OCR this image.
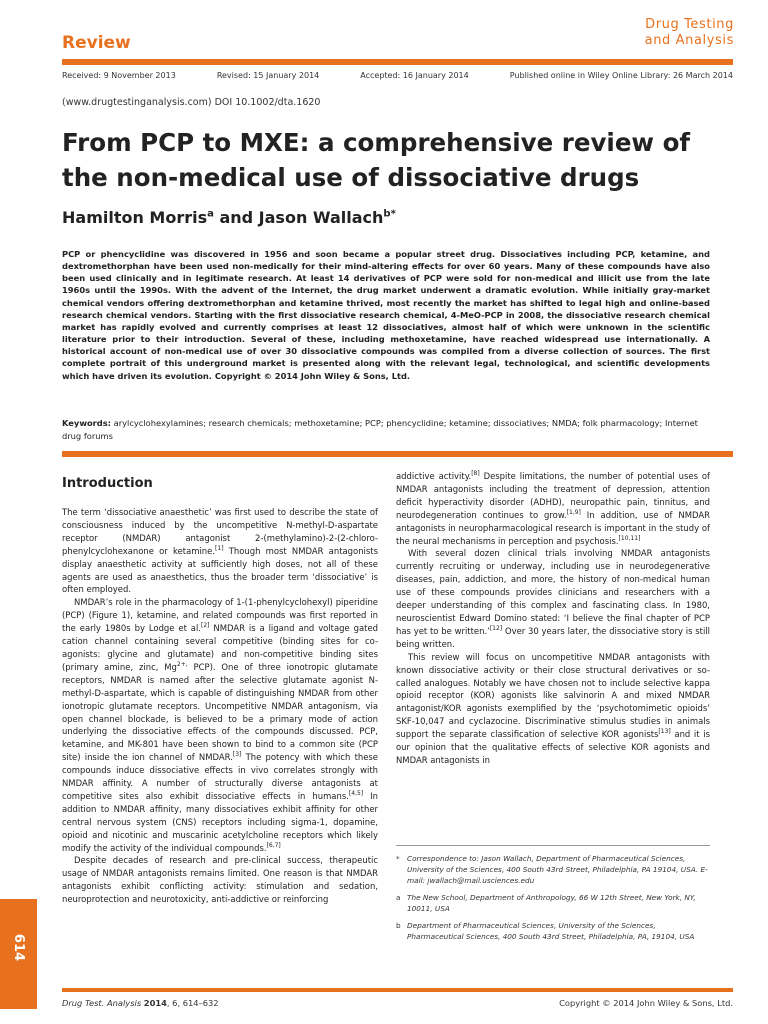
Review
Drug Testing
and Analysis
Received: 9 November 2013	Revised: 15 January 2014	Accepted: 16 January 2014	Published online in Wiley Online Library: 26 March 2014
(www.drugtestinganalysis.com) DOI 10.1002/dta.1620
From PCP to MXE: a comprehensive review of the non-medical use of dissociative drugs
Hamilton Morris$^a$ and Jason Wallach$^{b*}$
PCP or phencyclidine was discovered in 1956 and soon became a popular street drug. Dissociatives including PCP, ketamine, and dextromethorphan have been used non-medically for their mind-altering effects for over 60 years. Many of these compounds have also been used clinically and in legitimate research. At least 14 derivatives of PCP were sold for non-medical and illicit use from the late 1960s until the 1990s. With the advent of the Internet, the drug market underwent a dramatic evolution. While initially gray-market chemical vendors offering dextromethorphan and ketamine thrived, most recently the market has shifted to legal high and online-based research chemical vendors. Starting with the first dissociative research chemical, 4-MeO-PCP in 2008, the dissociative research chemical market has rapidly evolved and currently comprises at least 12 dissociatives, almost half of which were unknown in the scientific literature prior to their introduction. Several of these, including methoxetamine, have reached widespread use internationally. A historical account of non-medical use of over 30 dissociative compounds was compiled from a diverse collection of sources. The first complete portrait of this underground market is presented along with the relevant legal, technological, and scientific developments which have driven its evolution. Copyright © 2014 John Wiley & Sons, Ltd.
Keywords: arylcyclohexylamines; research chemicals; methoxetamine; PCP; phencyclidine; ketamine; dissociatives; NMDA; folk pharmacology; Internet drug forums
Introduction

The term ‘dissociative anaesthetic’ was first used to describe the state of consciousness induced by the uncompetitive N-methyl-D-aspartate receptor (NMDAR) antagonist 2-(methylamino)-2-(2-chloro-phenylcyclohexanone or ketamine.[1] Though most NMDAR antagonists display anaesthetic activity at sufficiently high doses, not all of these agents are used as anaesthetics, thus the broader term ‘dissociative’ is often employed.

NMDAR’s role in the pharmacology of 1-(1-phenylcyclohexyl) piperidine (PCP) (Figure 1), ketamine, and related compounds was first reported in the early 1980s by Lodge et al.[2] NMDAR is a ligand and voltage gated cation channel containing several competitive (binding sites for co-agonists: glycine and glutamate) and non-competitive binding sites (primary amine, zinc, $Mg^{2+,}$ PCP). One of three ionotropic glutamate receptors, NMDAR is named after the selective glutamate agonist N-methyl-D-aspartate, which is capable of distinguishing NMDAR from other ionotropic glutamate receptors. Uncompetitive NMDAR antagonism, via open channel blockade, is believed to be a primary mode of action underlying the dissociative effects of the compounds discussed. PCP, ketamine, and MK-801 have been shown to bind to a common site (PCP site) inside the ion channel of NMDAR.[3] The potency with which these compounds induce dissociative effects in vivo correlates strongly with NMDAR affinity. A number of structurally diverse antagonists at competitive sites also exhibit dissociative effects in humans.[4,5] In addition to NMDAR affinity, many dissociatives exhibit affinity for other central nervous system (CNS) receptors including sigma-1, dopamine, opioid and nicotinic and muscarinic acetylcholine receptors which likely modify the activity of the individual compounds.[6,7]

Despite decades of research and pre-clinical success, therapeutic usage of NMDAR antagonists remains limited. One reason is that NMDAR antagonists exhibit conflicting activity: stimulation and sedation, neuroprotection and neurotoxicity, anti-addictive or reinforcing

addictive activity.[8] Despite limitations, the number of potential uses of NMDAR antagonists including the treatment of depression, attention deficit hyperactivity disorder (ADHD), neuropathic pain, tinnitus, and neurodegeneration continues to grow.[1,9] In addition, use of NMDAR antagonists in neuropharmacological research is important in the study of the neural mechanisms in perception and psychosis.[10,11]

With several dozen clinical trials involving NMDAR antagonists currently recruiting or underway, including use in neurodegenerative diseases, pain, addiction, and more, the history of non-medical human use of these compounds provides clinicians and researchers with a deeper understanding of this complex and fascinating class. In 1980, neuroscientist Edward Domino stated: ‘I believe the final chapter of PCP has yet to be written.’[12] Over 30 years later, the dissociative story is still being written.

This review will focus on uncompetitive NMDAR antagonists with known dissociative activity or their close structural derivatives or so-called analogues. Notably we have chosen not to include selective kappa opioid receptor (KOR) agonists like salvinorin A and mixed NMDAR antagonist/KOR agonists exemplified by the ‘psychotomimetic opioids’ SKF-10,047 and cyclazocine. Discriminative stimulus studies in animals support the separate classification of selective KOR agonists[13] and it is our opinion that the qualitative effects of selective KOR agonists and NMDAR antagonists in

*	Correspondence to: Jason Wallach, Department of Pharmaceutical Sciences, University of the Sciences, 400 South 43rd Street, Philadelphia, PA 19104, USA. E-mail: jwallach@mail.usciences.edu
a The New School, Department of Anthropology, 66 W 12th Street, New York, NY, 10011, USA
b Department of Pharmaceutical Sciences, University of the Sciences, Pharmaceutical Sciences, 400 South 43rd Street, Philadelphia, PA, 19104, USA
614
Drug Test. Analysis 2014, 6, 614–632	Copyright © 2014 John Wiley & Sons, Ltd.
